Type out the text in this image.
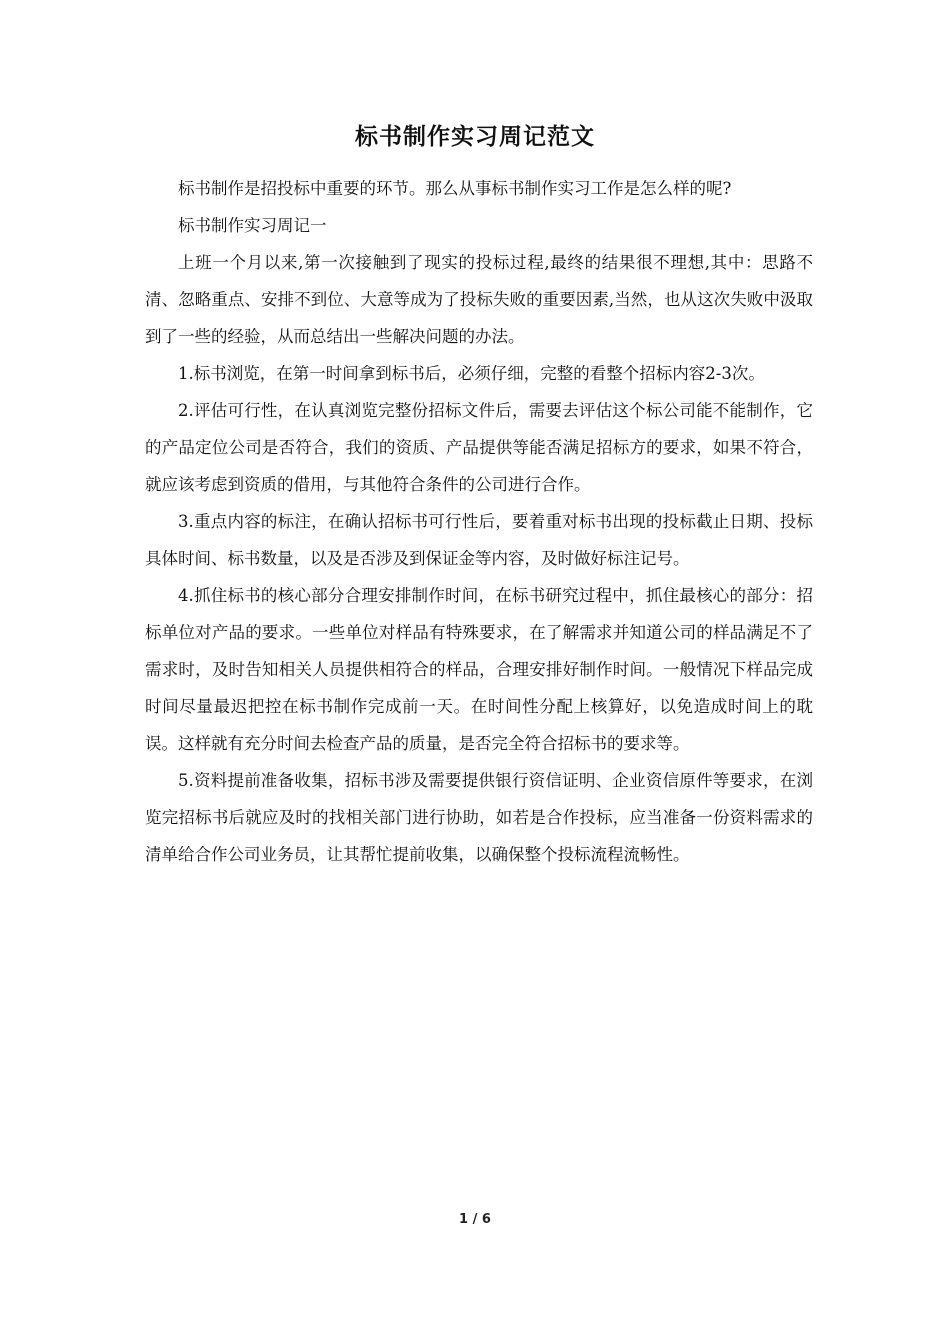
标书制作实习周记范文

标书制作是招投标中重要的环节。那么从事标书制作实习工作是怎么样的呢?

标书制作实习周记一

上班一个月以来,第一次接触到了现实的投标过程,最终的结果很不理想,其中：思路不清、忽略重点、安排不到位、大意等成为了投标失败的重要因素,当然，也从这次失败中汲取到了一些的经验，从而总结出一些解决问题的办法。

1.标书浏览，在第一时间拿到标书后，必须仔细，完整的看整个招标内容2-3次。

2.评估可行性，在认真浏览完整份招标文件后，需要去评估这个标公司能不能制作，它的产品定位公司是否符合，我们的资质、产品提供等能否满足招标方的要求，如果不符合，就应该考虑到资质的借用，与其他符合条件的公司进行合作。

3.重点内容的标注，在确认招标书可行性后，要着重对标书出现的投标截止日期、投标具体时间、标书数量，以及是否涉及到保证金等内容，及时做好标注记号。

4.抓住标书的核心部分合理安排制作时间，在标书研究过程中，抓住最核心的部分：招标单位对产品的要求。一些单位对样品有特殊要求，在了解需求并知道公司的样品满足不了需求时，及时告知相关人员提供相符合的样品，合理安排好制作时间。一般情况下样品完成时间尽量最迟把控在标书制作完成前一天。在时间性分配上核算好，以免造成时间上的耽误。这样就有充分时间去检查产品的质量，是否完全符合招标书的要求等。

5.资料提前准备收集，招标书涉及需要提供银行资信证明、企业资信原件等要求，在浏览完招标书后就应及时的找相关部门进行协助，如若是合作投标，应当准备一份资料需求的清单给合作公司业务员，让其帮忙提前收集，以确保整个投标流程流畅性。

1 / 6
